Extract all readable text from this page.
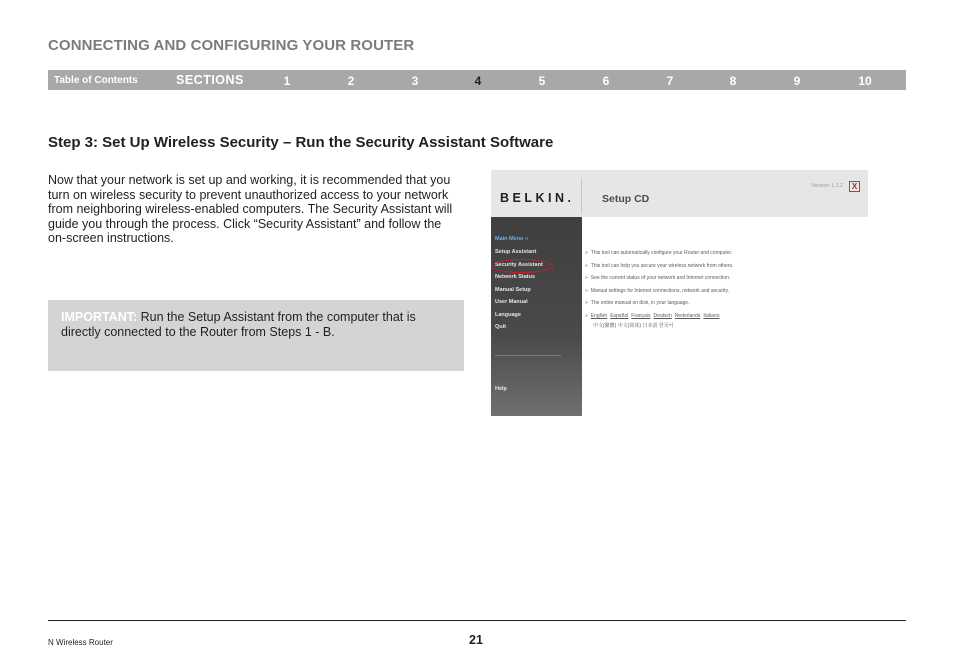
CONNECTING AND CONFIGURING YOUR ROUTER
Table of Contents	SECTIONS	1	2	3	4	5	6	7	8	9	10
Step 3: Set Up Wireless Security – Run the Security Assistant Software

Now that your network is set up and working, it is recommended that you turn on wireless security to prevent unauthorized access to your network from neighboring wireless-enabled computers. The Security Assistant will guide you through the process. Click “Security Assistant” and follow the on-screen instructions.

IMPORTANT: Run the Setup Assistant from the computer that is directly connected to the Router from Steps 1 - B.

BELKIN.	Setup CD
Version 1.1.2	X
Main Menu »
Setup Assistant
Security Assistant
Network Status
Manual Setup
User Manual
Language
Quit
Help
» This tool can automatically configure your Router and computer.
» This tool can help you secure your wireless network from others.
» See the current status of your network and Internet connection.
» Manual settings for Internet connections, network and security.
» The entire manual on disk, in your language.
» English Español Français Deutsch Nederlands Italiano
中文(繁體) 中文(简体) 日本語 한국어
N Wireless Router	21
